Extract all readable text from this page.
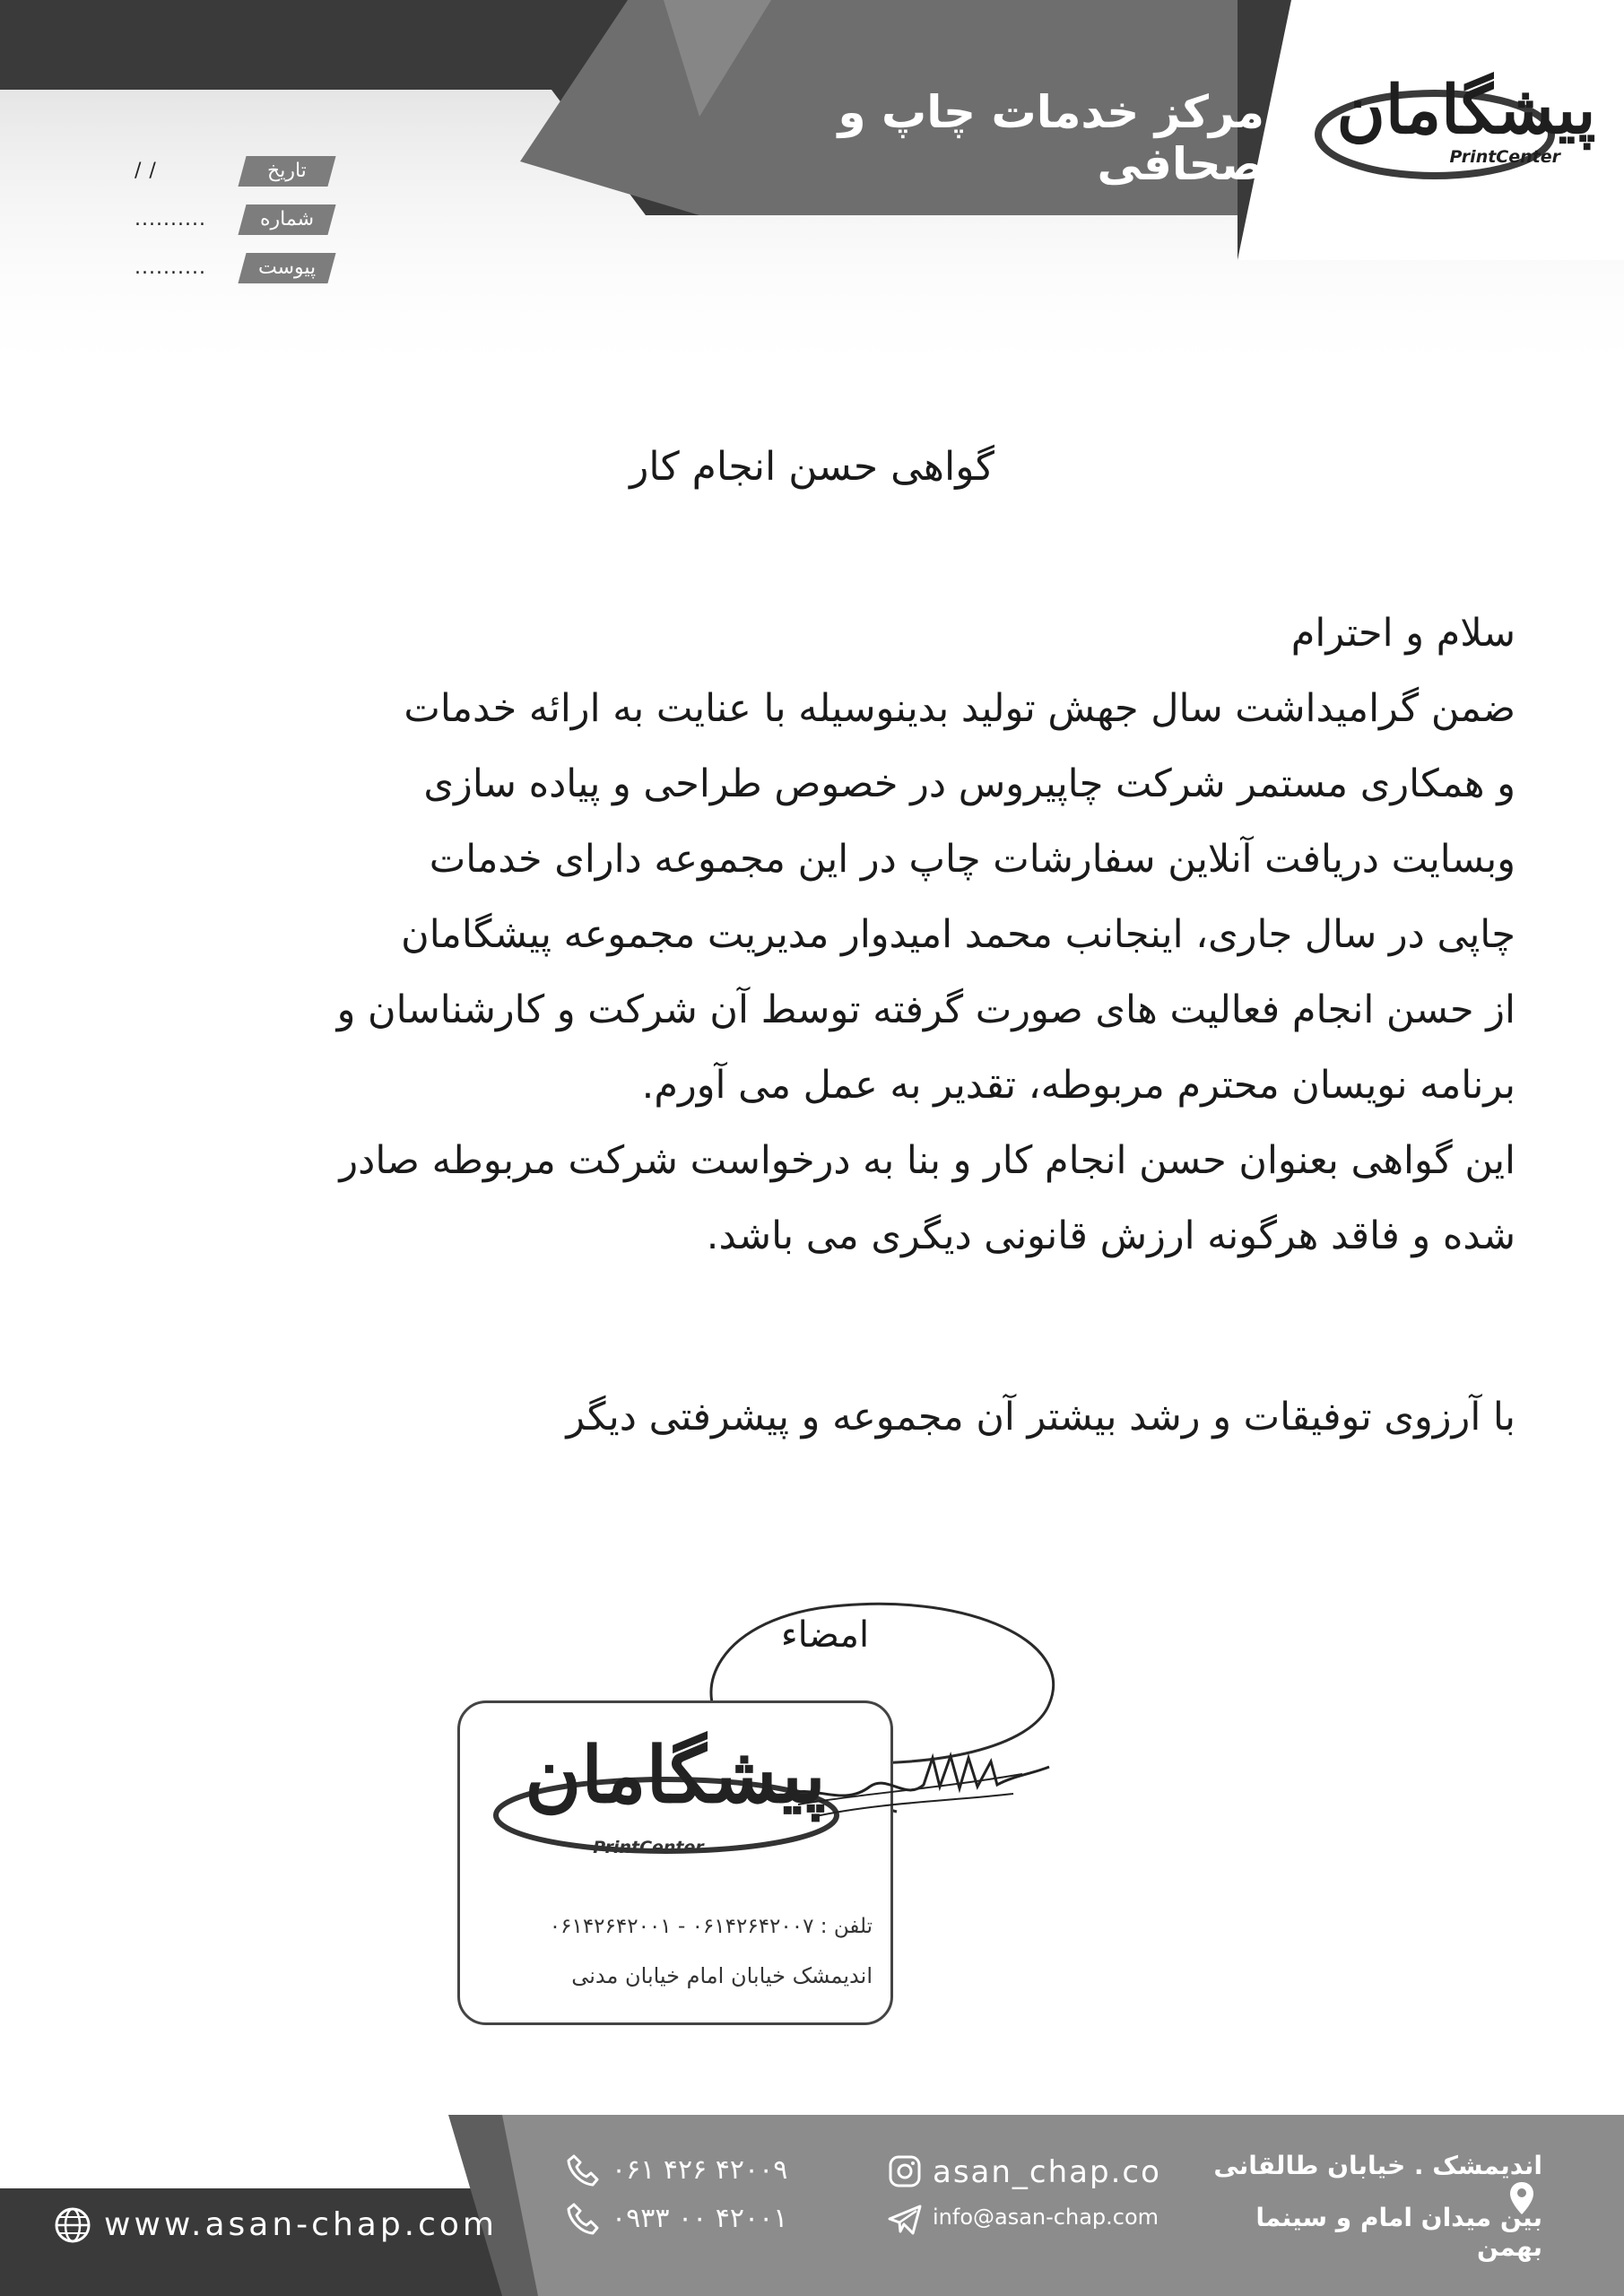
مرکز خدمات چاپ و صحافی
پیشگامان
PrintCenter
تاریخ
/ /
شماره
..........
پیوست
..........
گواهی حسن انجام کار
سلام و احترام
ضمن گرامیداشت سال جهش تولید بدینوسیله با عنایت به ارائه خدمات
و همکاری مستمر شرکت چاپیروس در خصوص طراحی و پیاده سازی
وبسایت دریافت آنلاین سفارشات چاپ در این مجموعه دارای خدمات
چاپی در سال جاری، اینجانب محمد امیدوار مدیریت مجموعه پیشگامان
از حسن انجام فعالیت های صورت گرفته توسط آن شرکت و کارشناسان و
برنامه نویسان محترم مربوطه، تقدیر به عمل می آورم.
این گواهی بعنوان حسن انجام کار و بنا به درخواست شرکت مربوطه صادر
شده و فاقد هرگونه ارزش قانونی دیگری می باشد.
با آرزوی توفیقات و رشد بیشتر آن مجموعه و پیشرفتی دیگر
امضاء
پیشگامان
PrintCenter
تلفن : ۰۶۱۴۲۶۴۲۰۰۷ - ۰۶۱۴۲۶۴۲۰۰۱
اندیمشک خیابان امام خیابان مدنی
www.asan-chap.com
۰۶۱ ۴۲۶ ۴۲۰۰۹
۰۹۳۳ ۰۰ ۴۲۰۰۱
asan_chap.co
info@asan-chap.com
اندیمشک . خیابان طالقانی
بین میدان امام و سینما بهمن
